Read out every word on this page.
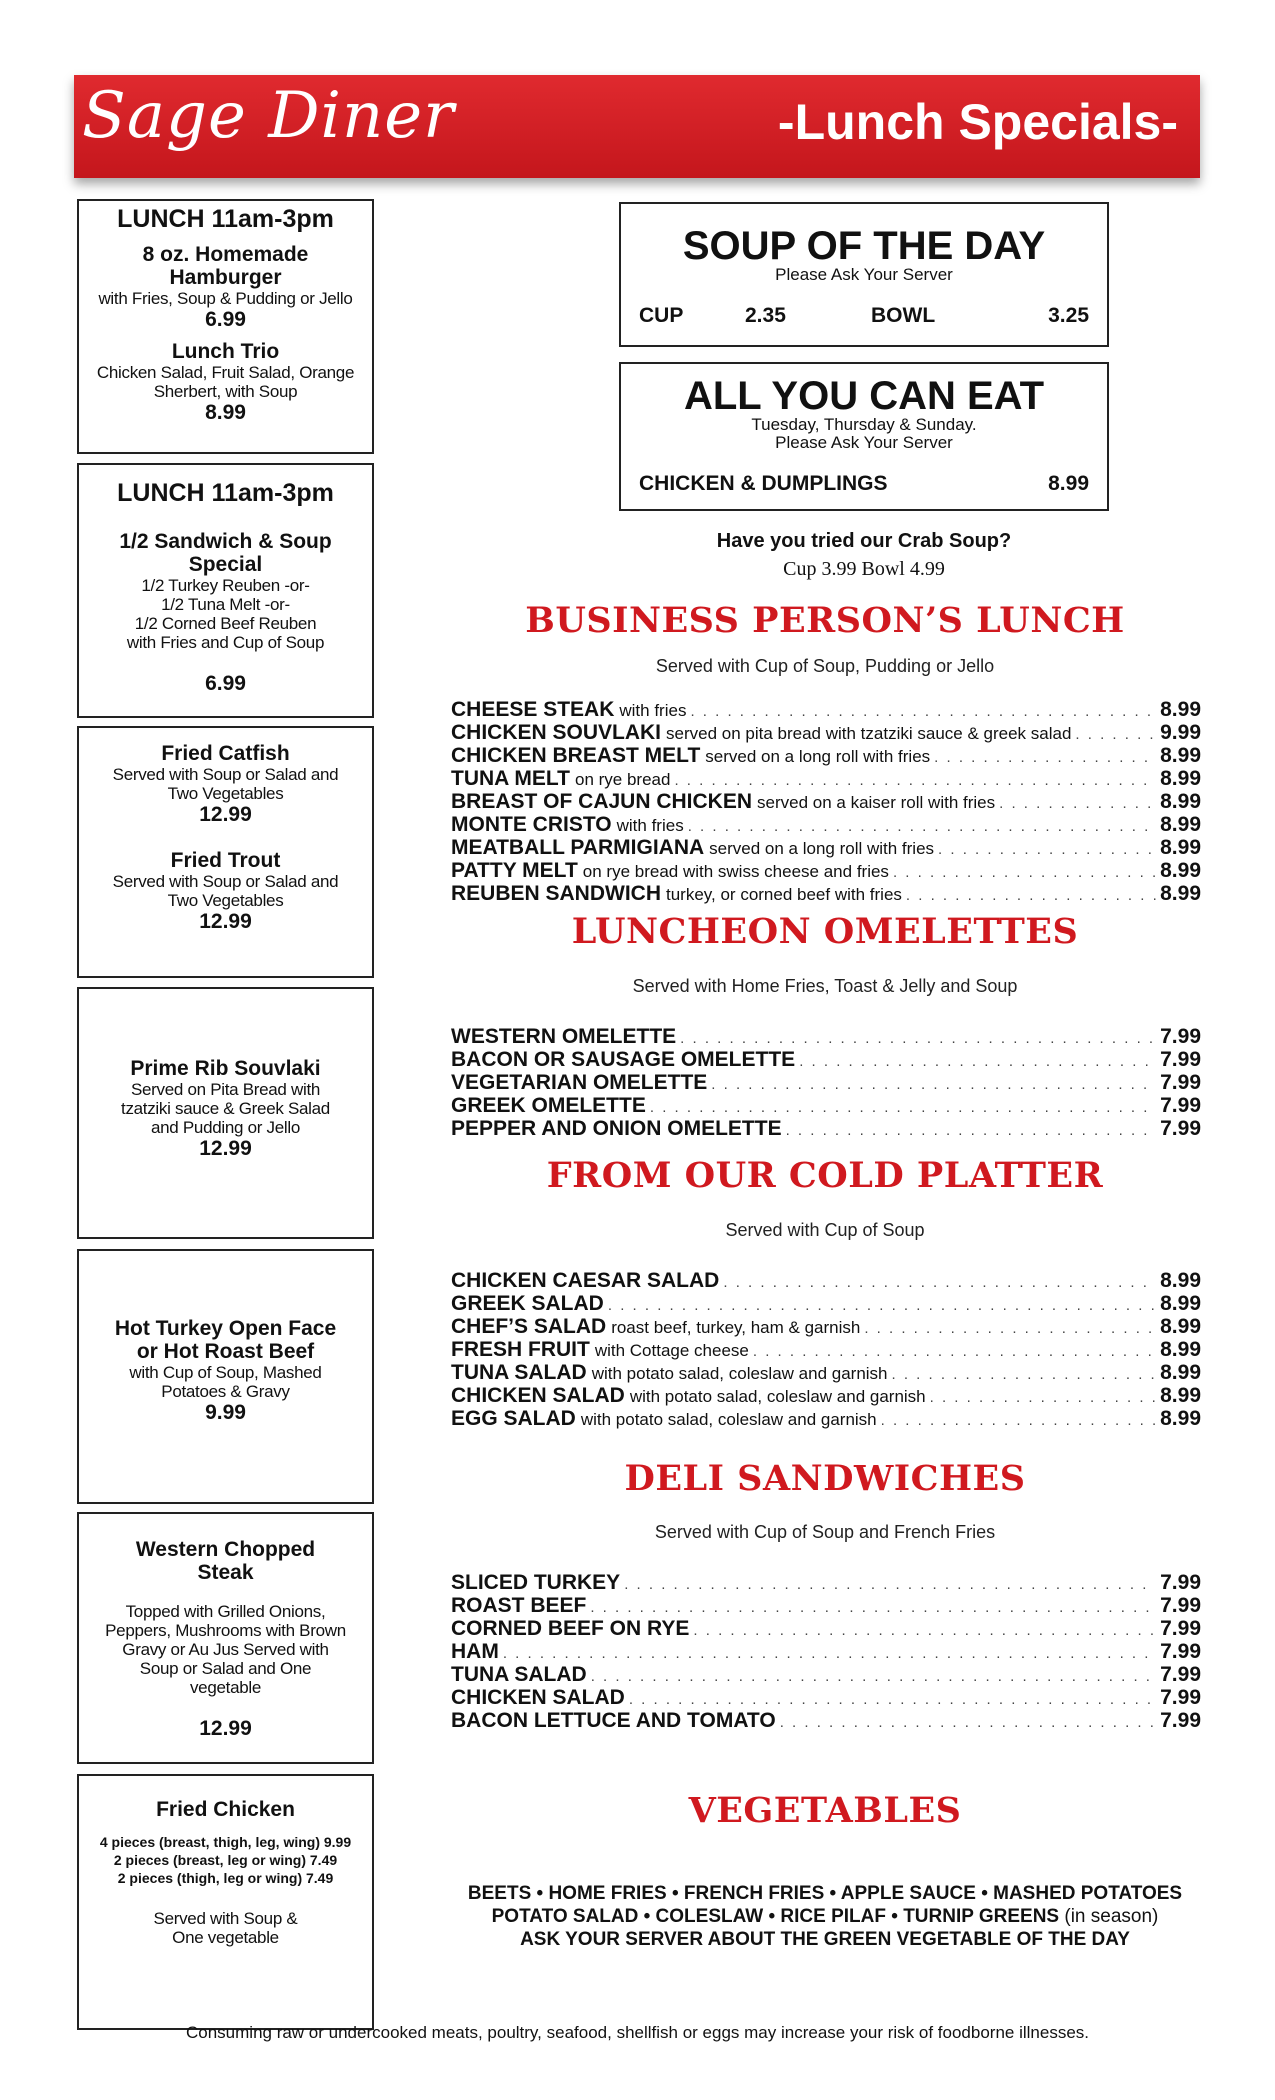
Sage Diner	-Lunch Specials-
LUNCH 11am-3pm
8 oz. Homemade Hamburger
with Fries, Soup & Pudding or Jello
6.99
Lunch Trio
Chicken Salad, Fruit Salad, Orange Sherbert, with Soup
8.99
LUNCH 11am-3pm
1/2 Sandwich & Soup Special
1/2 Turkey Reuben -or-
1/2 Tuna Melt -or-
1/2 Corned Beef Reuben
with Fries and Cup of Soup
6.99
Fried Catfish
Served with Soup or Salad and Two Vegetables
12.99
Fried Trout
Served with Soup or Salad and Two Vegetables
12.99
Prime Rib Souvlaki
Served on Pita Bread with tzatziki sauce & Greek Salad and Pudding or Jello
12.99
Hot Turkey Open Face or Hot Roast Beef
with Cup of Soup, Mashed Potatoes & Gravy
9.99
Western Chopped Steak
Topped with Grilled Onions, Peppers, Mushrooms with Brown Gravy or Au Jus Served with Soup or Salad and One vegetable
12.99
Fried Chicken
4 pieces (breast, thigh, leg, wing) 9.99
2 pieces (breast, leg or wing) 7.49
2 pieces (thigh, leg or wing) 7.49
Served with Soup & One vegetable
SOUP OF THE DAY
Please Ask Your Server
CUP	2.35	BOWL	3.25
ALL YOU CAN EAT
Tuesday, Thursday & Sunday.
Please Ask Your Server
CHICKEN & DUMPLINGS	8.99
Have you tried our Crab Soup?
Cup 3.99 Bowl 4.99
BUSINESS PERSON’S LUNCH
Served with Cup of Soup, Pudding or Jello
CHEESE STEAK with fries . . .	8.99
CHICKEN SOUVLAKI served on pita bread with tzatziki sauce & greek salad . . .	9.99
CHICKEN BREAST MELT served on a long roll with fries . . .	8.99
TUNA MELT on rye bread . . .	8.99
BREAST OF CAJUN CHICKEN served on a kaiser roll with fries . . .	8.99
MONTE CRISTO with fries . . .	8.99
MEATBALL PARMIGIANA served on a long roll with fries . . .	8.99
PATTY MELT on rye bread with swiss cheese and fries . . .	8.99
REUBEN SANDWICH turkey, or corned beef with fries . . .	8.99
LUNCHEON OMELETTES
Served with Home Fries, Toast & Jelly and Soup
WESTERN OMELETTE . . .	7.99
BACON OR SAUSAGE OMELETTE . . .	7.99
VEGETARIAN OMELETTE . . .	7.99
GREEK OMELETTE . . .	7.99
PEPPER AND ONION OMELETTE . . .	7.99
FROM OUR COLD PLATTER
Served with Cup of Soup
CHICKEN CAESAR SALAD . . .	8.99
GREEK SALAD . . .	8.99
CHEF’S SALAD roast beef, turkey, ham & garnish . . .	8.99
FRESH FRUIT with Cottage cheese . . .	8.99
TUNA SALAD with potato salad, coleslaw and garnish . . .	8.99
CHICKEN SALAD with potato salad, coleslaw and garnish . . .	8.99
EGG SALAD with potato salad, coleslaw and garnish . . .	8.99
DELI SANDWICHES
Served with Cup of Soup and French Fries
SLICED TURKEY . . .	7.99
ROAST BEEF . . .	7.99
CORNED BEEF ON RYE . . .	7.99
HAM . . .	7.99
TUNA SALAD . . .	7.99
CHICKEN SALAD . . .	7.99
BACON LETTUCE AND TOMATO . . .	7.99
VEGETABLES
BEETS • HOME FRIES • FRENCH FRIES • APPLE SAUCE • MASHED POTATOES
POTATO SALAD • COLESLAW • RICE PILAF • TURNIP GREENS (in season)
ASK YOUR SERVER ABOUT THE GREEN VEGETABLE OF THE DAY
Consuming raw or undercooked meats, poultry, seafood, shellfish or eggs may increase your risk of foodborne illnesses.
